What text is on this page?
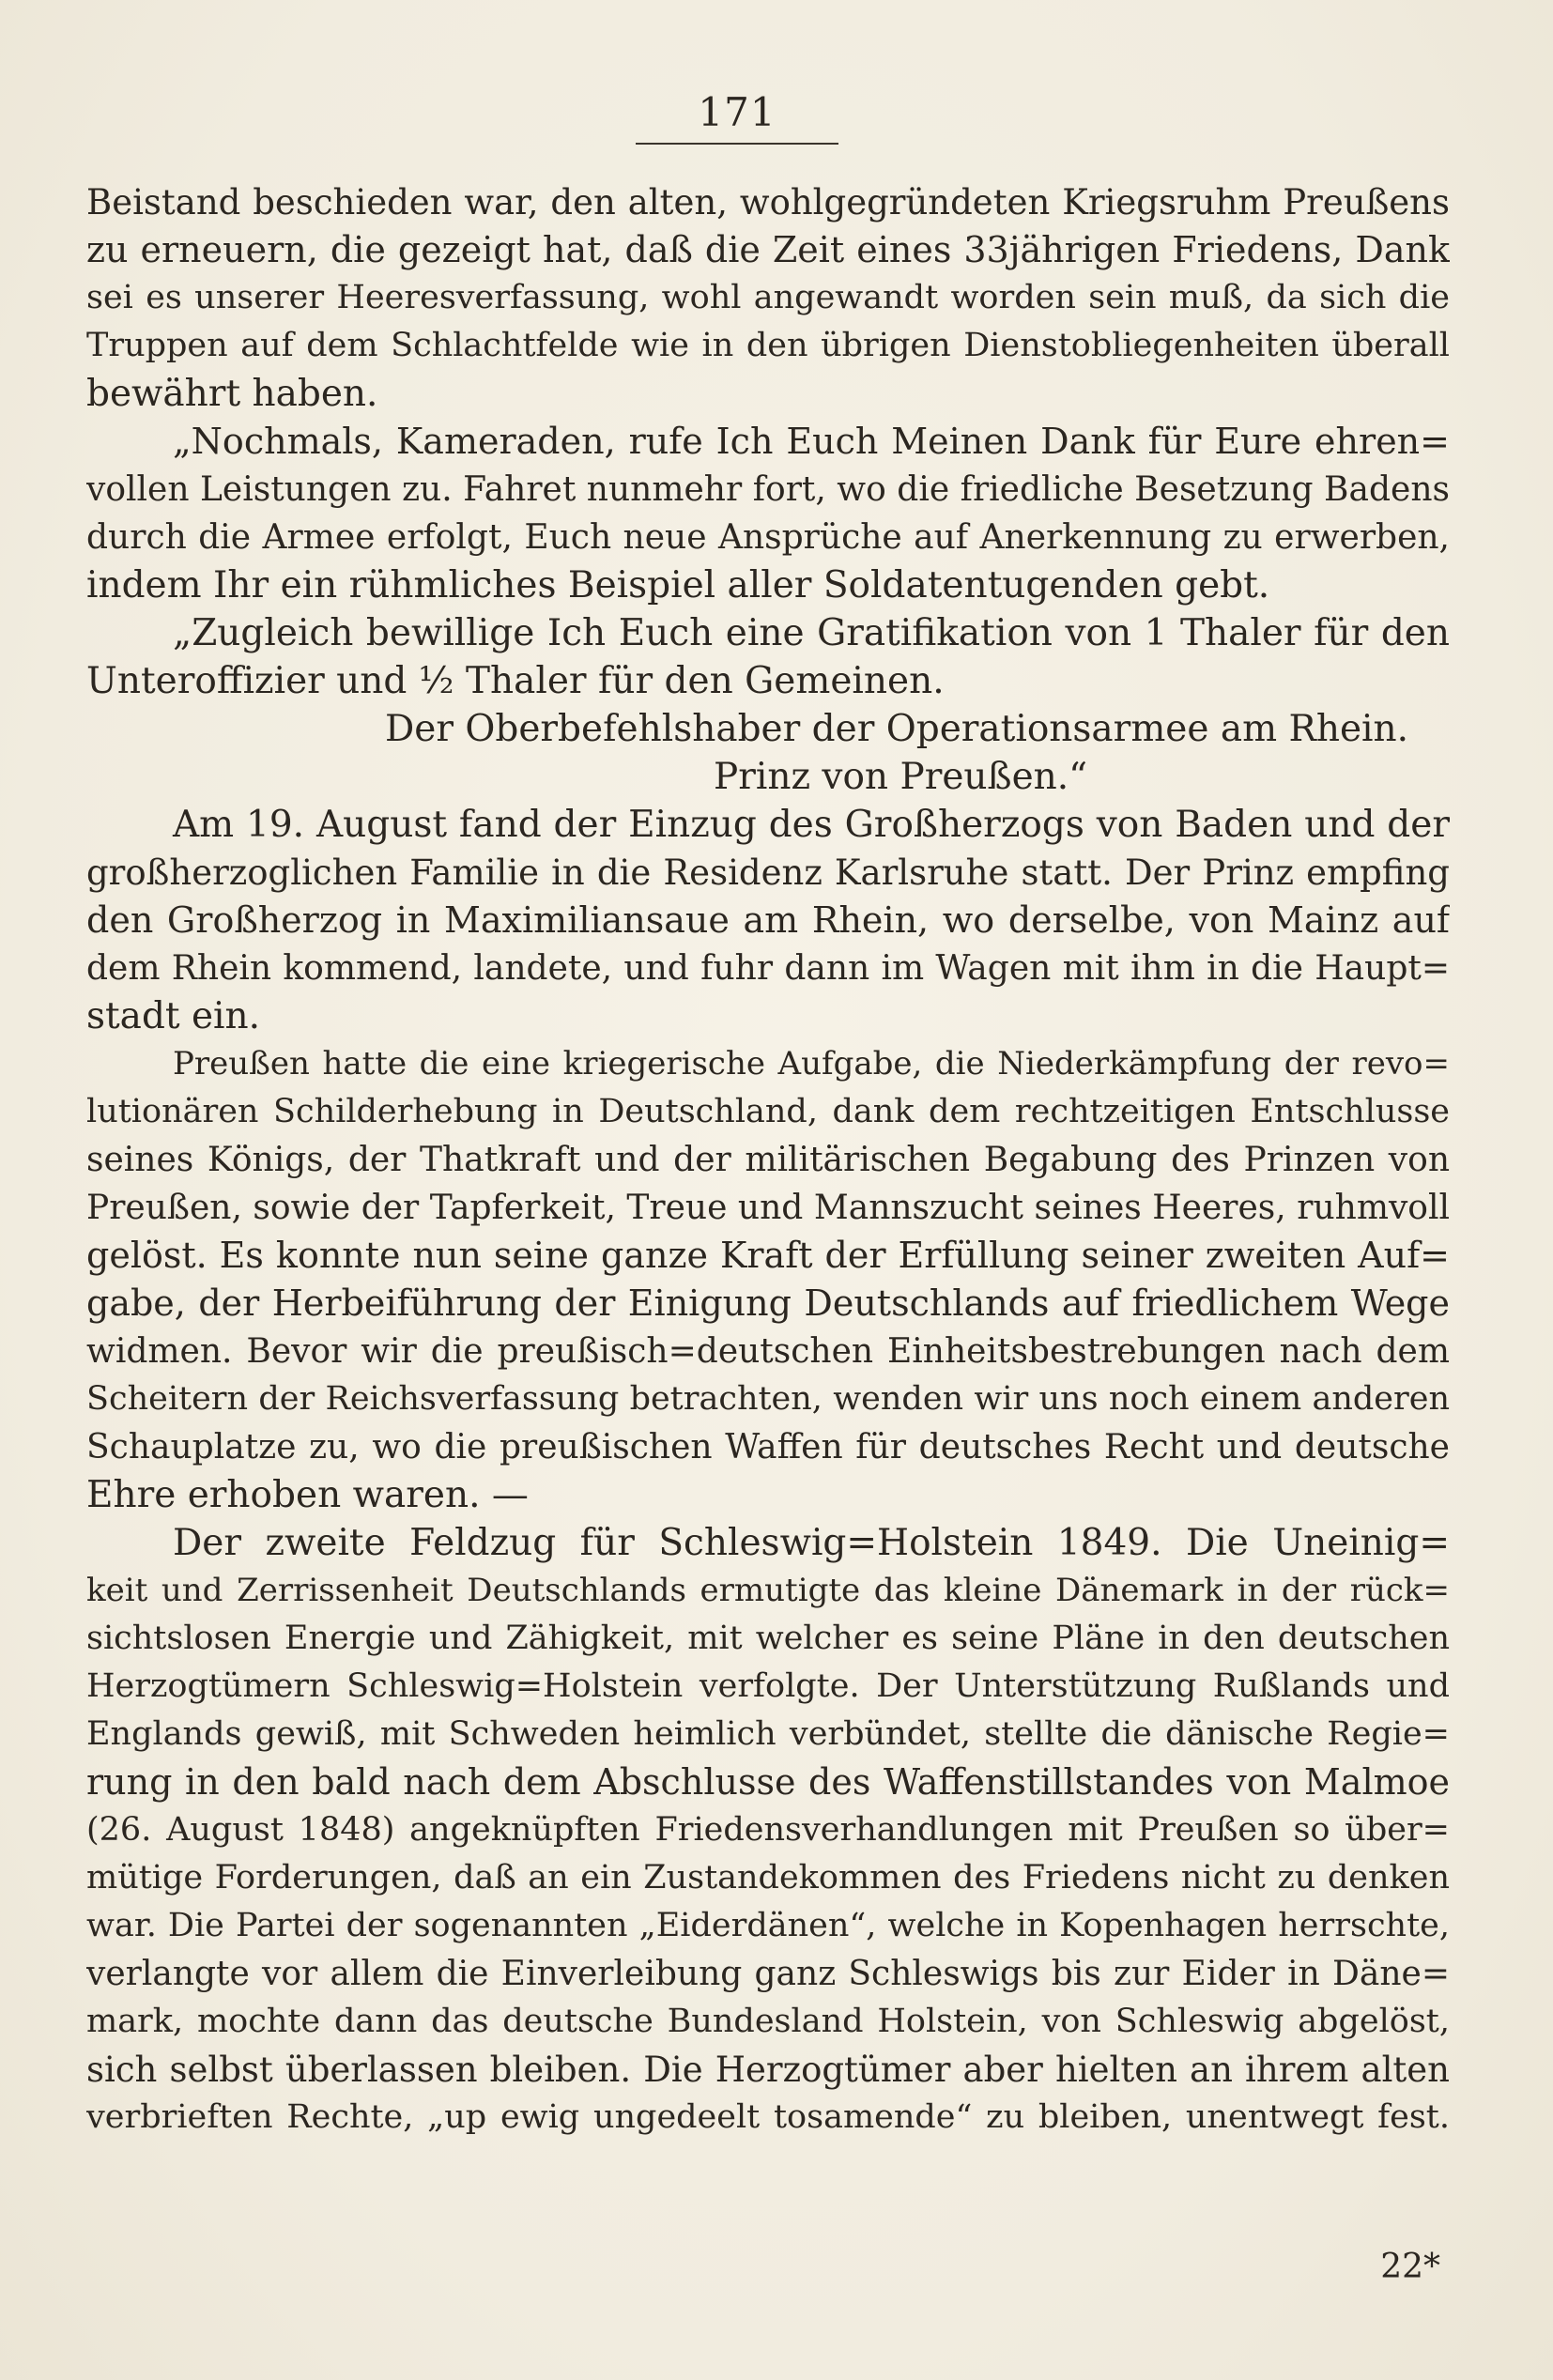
171
Beistand beschieden war, den alten, wohlgegründeten Kriegsruhm Preußens
zu erneuern, die gezeigt hat, daß die Zeit eines 33jährigen Friedens, Dank
sei es unserer Heeresverfassung, wohl angewandt worden sein muß, da sich die
Truppen auf dem Schlachtfelde wie in den übrigen Dienstobliegenheiten überall
bewährt haben.
„Nochmals, Kameraden, rufe Ich Euch Meinen Dank für Eure ehren=
vollen Leistungen zu. Fahret nunmehr fort, wo die friedliche Besetzung Badens
durch die Armee erfolgt, Euch neue Ansprüche auf Anerkennung zu erwerben,
indem Ihr ein rühmliches Beispiel aller Soldatentugenden gebt.
„Zugleich bewillige Ich Euch eine Gratifikation von 1 Thaler für den
Unteroffizier und ½ Thaler für den Gemeinen.
Der Oberbefehlshaber der Operationsarmee am Rhein.
Prinz von Preußen.“
Am 19. August fand der Einzug des Großherzogs von Baden und der
großherzoglichen Familie in die Residenz Karlsruhe statt. Der Prinz empfing
den Großherzog in Maximiliansaue am Rhein, wo derselbe, von Mainz auf
dem Rhein kommend, landete, und fuhr dann im Wagen mit ihm in die Haupt=
stadt ein.
Preußen hatte die eine kriegerische Aufgabe, die Niederkämpfung der revo=
lutionären Schilderhebung in Deutschland, dank dem rechtzeitigen Entschlusse
seines Königs, der Thatkraft und der militärischen Begabung des Prinzen von
Preußen, sowie der Tapferkeit, Treue und Mannszucht seines Heeres, ruhmvoll
gelöst. Es konnte nun seine ganze Kraft der Erfüllung seiner zweiten Auf=
gabe, der Herbeiführung der Einigung Deutschlands auf friedlichem Wege
widmen. Bevor wir die preußisch=deutschen Einheitsbestrebungen nach dem
Scheitern der Reichsverfassung betrachten, wenden wir uns noch einem anderen
Schauplatze zu, wo die preußischen Waffen für deutsches Recht und deutsche
Ehre erhoben waren. —
Der zweite Feldzug für Schleswig=Holstein 1849. Die Uneinig=
keit und Zerrissenheit Deutschlands ermutigte das kleine Dänemark in der rück=
sichtslosen Energie und Zähigkeit, mit welcher es seine Pläne in den deutschen
Herzogtümern Schleswig=Holstein verfolgte. Der Unterstützung Rußlands und
Englands gewiß, mit Schweden heimlich verbündet, stellte die dänische Regie=
rung in den bald nach dem Abschlusse des Waffenstillstandes von Malmoe
(26. August 1848) angeknüpften Friedensverhandlungen mit Preußen so über=
mütige Forderungen, daß an ein Zustandekommen des Friedens nicht zu denken
war. Die Partei der sogenannten „Eiderdänen“, welche in Kopenhagen herrschte,
verlangte vor allem die Einverleibung ganz Schleswigs bis zur Eider in Däne=
mark, mochte dann das deutsche Bundesland Holstein, von Schleswig abgelöst,
sich selbst überlassen bleiben. Die Herzogtümer aber hielten an ihrem alten
verbrieften Rechte, „up ewig ungedeelt tosamende“ zu bleiben, unentwegt fest.
22*
